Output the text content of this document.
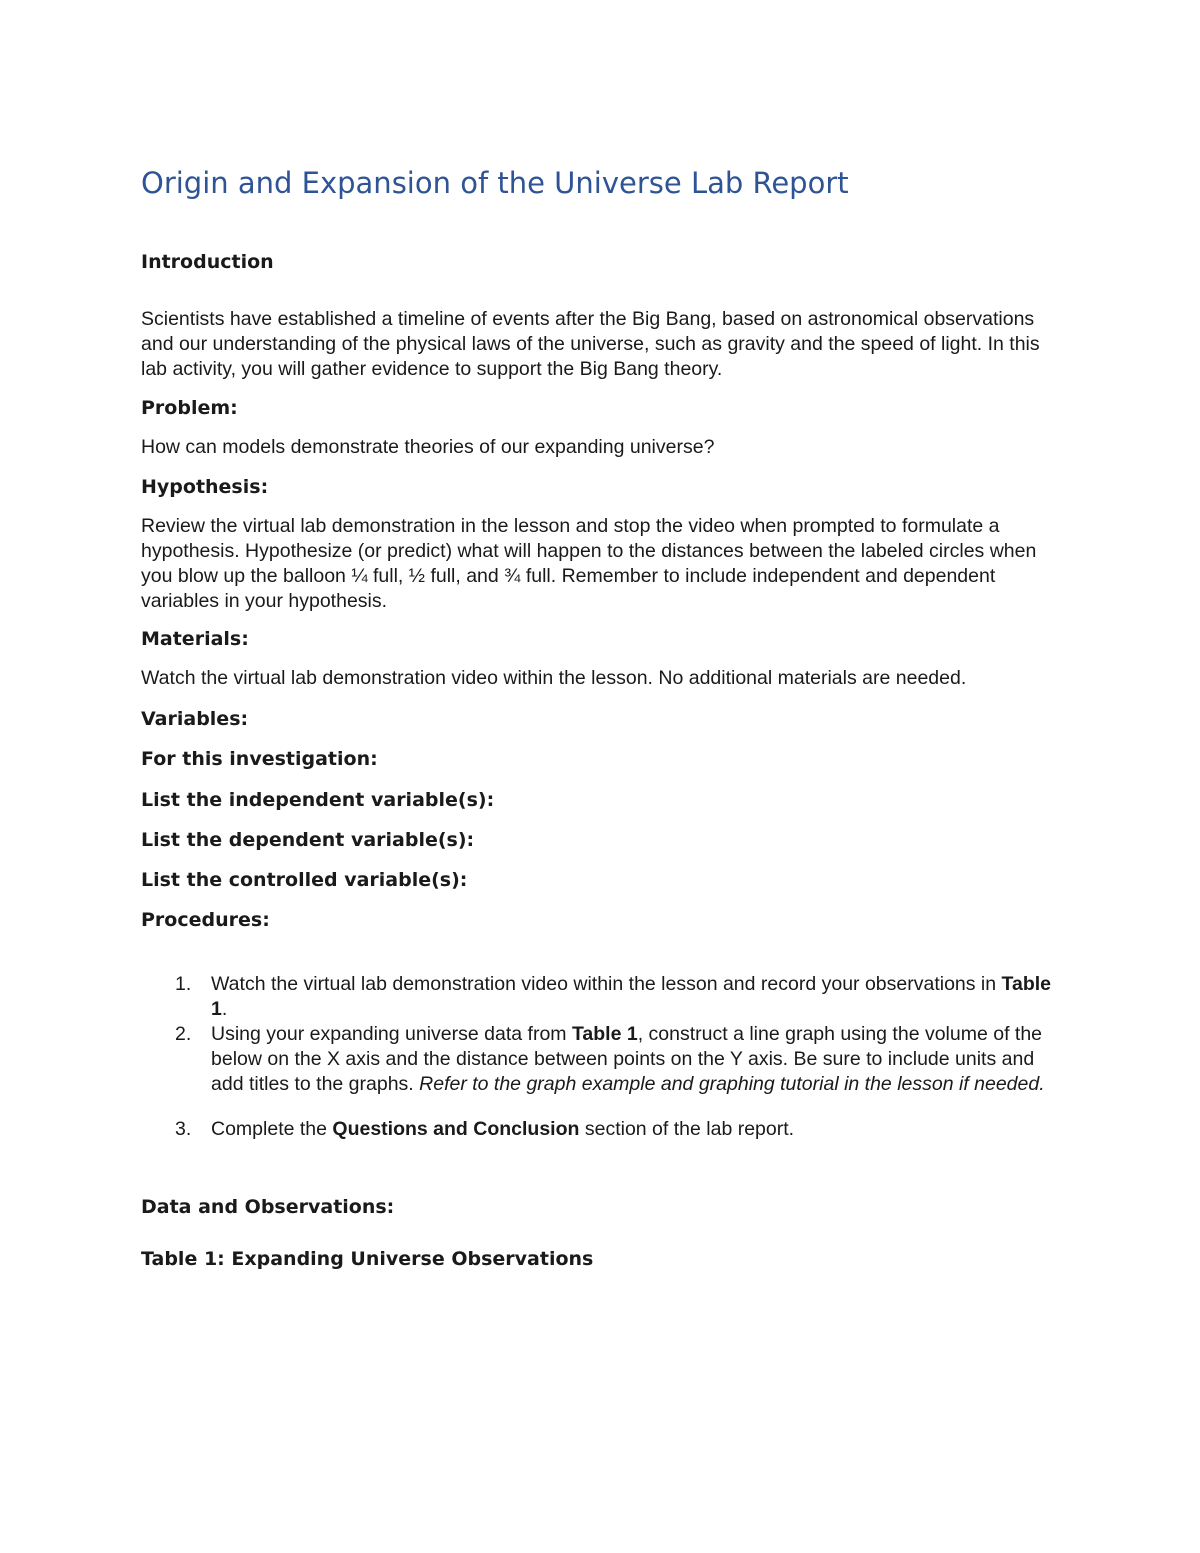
Origin and Expansion of the Universe Lab Report
Introduction

Scientists have established a timeline of events after the Big Bang, based on astronomical observations and our understanding of the physical laws of the universe, such as gravity and the speed of light. In this lab activity, you will gather evidence to support the Big Bang theory.

Problem:

How can models demonstrate theories of our expanding universe?

Hypothesis:

Review the virtual lab demonstration in the lesson and stop the video when prompted to formulate a hypothesis. Hypothesize (or predict) what will happen to the distances between the labeled circles when you blow up the balloon ¼ full, ½ full, and ¾ full. Remember to include independent and dependent variables in your hypothesis.

Materials:

Watch the virtual lab demonstration video within the lesson. No additional materials are needed.

Variables:
For this investigation:
List the independent variable(s):
List the dependent variable(s):
List the controlled variable(s):
Procedures:
1. Watch the virtual lab demonstration video within the lesson and record your observations in Table 1.
2. Using your expanding universe data from Table 1, construct a line graph using the volume of the below on the X axis and the distance between points on the Y axis. Be sure to include units and add titles to the graphs. Refer to the graph example and graphing tutorial in the lesson if needed.
3. Complete the Questions and Conclusion section of the lab report.
Data and Observations:
Table 1: Expanding Universe Observations
